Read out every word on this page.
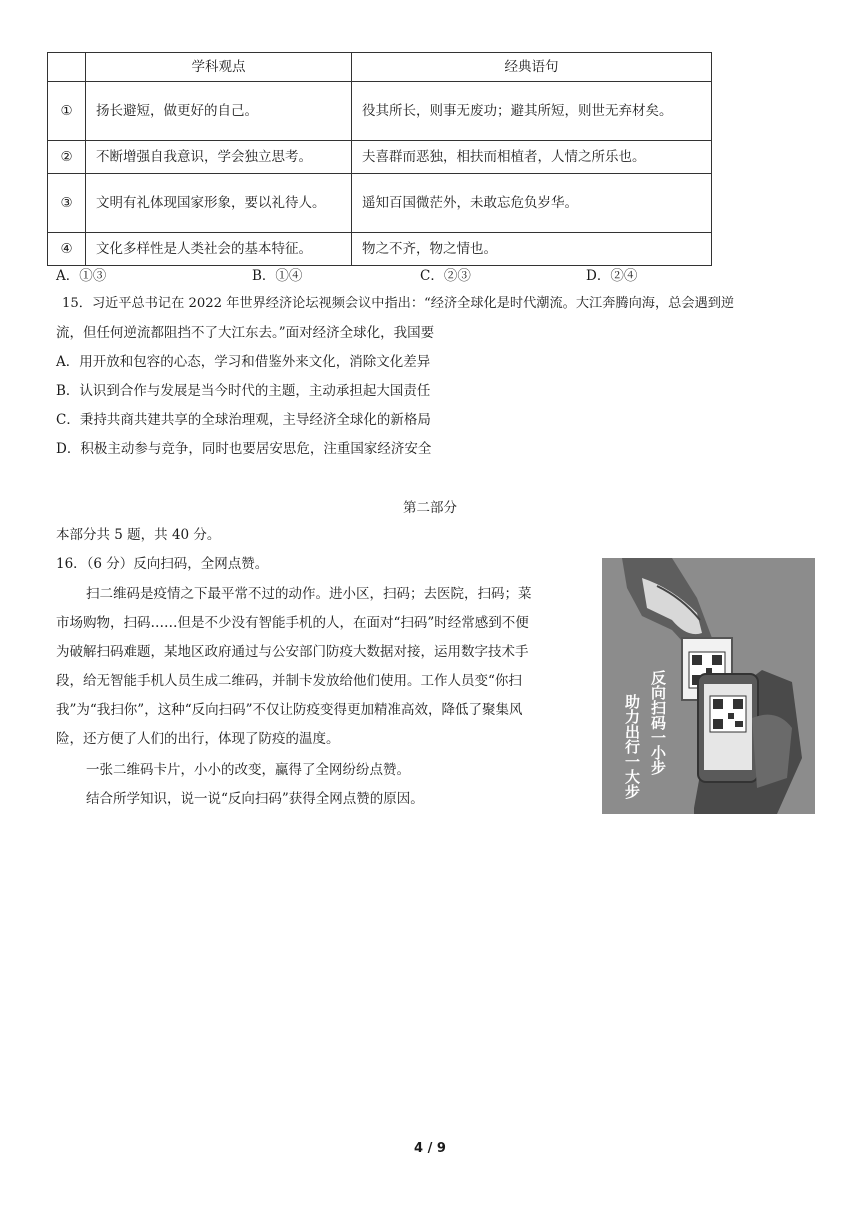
	学科观点	经典语句
①	扬长避短，做更好的自己。	役其所长，则事无废功；避其所短，则世无弃材矣。
②	不断增强自我意识，学会独立思考。	夫喜群而恶独，相扶而相植者，人情之所乐也。
③	文明有礼体现国家形象，要以礼待人。	遥知百国微茫外，未敢忘危负岁华。
④	文化多样性是人类社会的基本特征。	物之不齐，物之情也。
A．①③	B．①④	C．②③	D．②④
15．习近平总书记在 2022 年世界经济论坛视频会议中指出：“经济全球化是时代潮流。大江奔腾向海，总会遇到逆
流，但任何逆流都阻挡不了大江东去。”面对经济全球化，我国要
A．用开放和包容的心态，学习和借鉴外来文化，消除文化差异
B．认识到合作与发展是当今时代的主题，主动承担起大国责任
C．秉持共商共建共享的全球治理观，主导经济全球化的新格局
D．积极主动参与竞争，同时也要居安思危，注重国家经济安全
第二部分
本部分共 5 题，共 40 分。
16．（6 分）反向扫码，全网点赞。
扫二维码是疫情之下最平常不过的动作。进小区，扫码；去医院，扫码；菜
市场购物，扫码……但是不少没有智能手机的人，在面对“扫码”时经常感到不便
为破解扫码难题，某地区政府通过与公安部门防疫大数据对接，运用数字技术手
段，给无智能手机人员生成二维码，并制卡发放给他们使用。工作人员变“你扫
我”为“我扫你”，这种“反向扫码”不仅让防疫变得更加精准高效，降低了聚集风
险，还方便了人们的出行，体现了防疫的温度。
一张二维码卡片，小小的改变，赢得了全网纷纷点赞。
结合所学知识，说一说“反向扫码”获得全网点赞的原因。
反向扫码一小步
助力出行一大步
4 / 9
